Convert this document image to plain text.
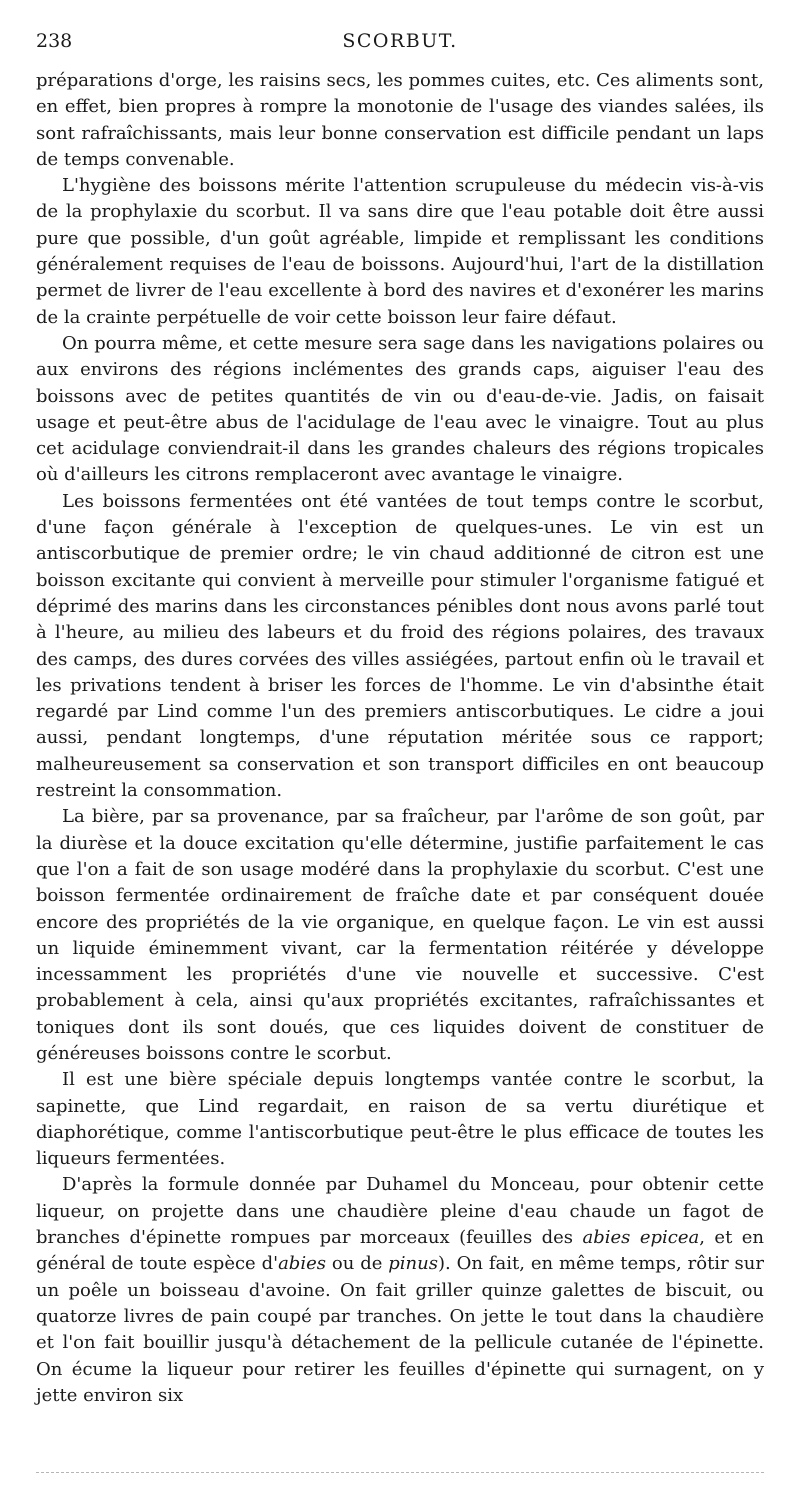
238	SCORBUT.

préparations d'orge, les raisins secs, les pommes cuites, etc. Ces aliments sont, en effet, bien propres à rompre la monotonie de l'usage des viandes salées, ils sont rafraîchissants, mais leur bonne conservation est difficile pendant un laps de temps convenable.

L'hygiène des boissons mérite l'attention scrupuleuse du médecin vis-à-vis de la prophylaxie du scorbut. Il va sans dire que l'eau potable doit être aussi pure que possible, d'un goût agréable, limpide et remplissant les conditions généralement requises de l'eau de boissons. Aujourd'hui, l'art de la distillation permet de livrer de l'eau excellente à bord des navires et d'exonérer les marins de la crainte perpétuelle de voir cette boisson leur faire défaut.

On pourra même, et cette mesure sera sage dans les navigations polaires ou aux environs des régions inclémentes des grands caps, aiguiser l'eau des boissons avec de petites quantités de vin ou d'eau-de-vie. Jadis, on faisait usage et peut-être abus de l'acidulage de l'eau avec le vinaigre. Tout au plus cet acidulage conviendrait-il dans les grandes chaleurs des régions tropicales où d'ailleurs les citrons remplaceront avec avantage le vinaigre.

Les boissons fermentées ont été vantées de tout temps contre le scorbut, d'une façon générale à l'exception de quelques-unes. Le vin est un antiscorbutique de premier ordre; le vin chaud additionné de citron est une boisson excitante qui convient à merveille pour stimuler l'organisme fatigué et déprimé des marins dans les circonstances pénibles dont nous avons parlé tout à l'heure, au milieu des labeurs et du froid des régions polaires, des travaux des camps, des dures corvées des villes assiégées, partout enfin où le travail et les privations tendent à briser les forces de l'homme. Le vin d'absinthe était regardé par Lind comme l'un des premiers antiscorbutiques. Le cidre a joui aussi, pendant longtemps, d'une réputation méritée sous ce rapport; malheureusement sa conservation et son transport difficiles en ont beaucoup restreint la consommation.

La bière, par sa provenance, par sa fraîcheur, par l'arôme de son goût, par la diurèse et la douce excitation qu'elle détermine, justifie parfaitement le cas que l'on a fait de son usage modéré dans la prophylaxie du scorbut. C'est une boisson fermentée ordinairement de fraîche date et par conséquent douée encore des propriétés de la vie organique, en quelque façon. Le vin est aussi un liquide éminemment vivant, car la fermentation réitérée y développe incessamment les propriétés d'une vie nouvelle et successive. C'est probablement à cela, ainsi qu'aux propriétés excitantes, rafraîchissantes et toniques dont ils sont doués, que ces liquides doivent de constituer de généreuses boissons contre le scorbut.

Il est une bière spéciale depuis longtemps vantée contre le scorbut, la sapinette, que Lind regardait, en raison de sa vertu diurétique et diaphorétique, comme l'antiscorbutique peut-être le plus efficace de toutes les liqueurs fermentées.

D'après la formule donnée par Duhamel du Monceau, pour obtenir cette liqueur, on projette dans une chaudière pleine d'eau chaude un fagot de branches d'épinette rompues par morceaux (feuilles des abies epicea, et en général de toute espèce d'abies ou de pinus). On fait, en même temps, rôtir sur un poêle un boisseau d'avoine. On fait griller quinze galettes de biscuit, ou quatorze livres de pain coupé par tranches. On jette le tout dans la chaudière et l'on fait bouillir jusqu'à détachement de la pellicule cutanée de l'épinette. On écume la liqueur pour retirer les feuilles d'épinette qui surnagent, on y jette environ six
